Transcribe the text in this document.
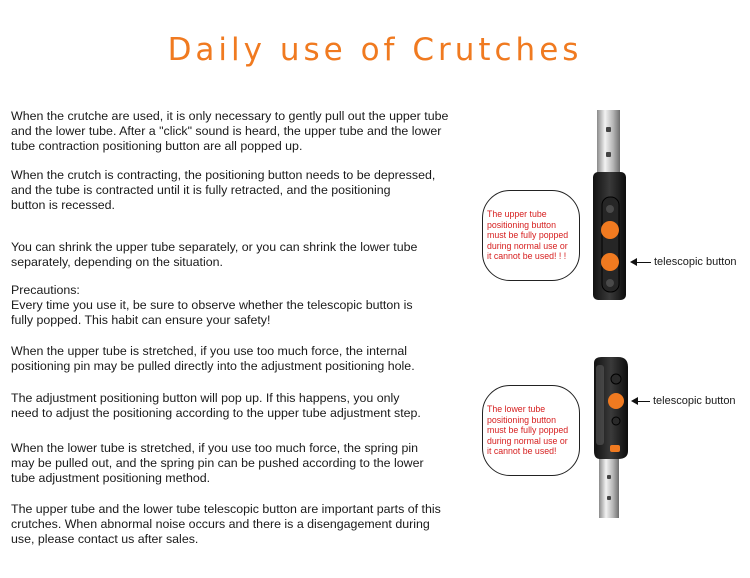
Daily use of Crutches
When the crutche are used, it is only necessary to gently pull out the upper tube
and the lower tube. After a "click" sound is heard, the upper tube and the lower
tube contraction positioning button are all popped up.
When the crutch is contracting, the positioning button needs to be depressed,
and the tube is contracted until it is fully retracted, and the positioning
button is recessed.
You can shrink the upper tube separately, or you can shrink the lower tube
separately, depending on the situation.
Precautions:
Every time you use it, be sure to observe whether the telescopic button is
fully popped. This habit can ensure your safety!
When the upper tube is stretched, if you use too much force, the internal
positioning pin may be pulled directly into the adjustment positioning hole.
The adjustment positioning button will pop up. If this happens, you only
need to adjust the positioning according to the upper tube adjustment step.
When the lower tube is stretched, if you use too much force, the spring pin
may be pulled out, and the spring pin can be pushed according to the lower
tube adjustment positioning method.
The upper tube and the lower tube telescopic button are important parts of this
crutches. When abnormal noise occurs and there is a disengagement during
use, please contact us after sales.
The upper tube
positioning button
must be fully popped
during normal use or
it cannot be used! ! !	telescopic button
The lower tube
positioning button
must be fully popped
during normal use or
it cannot be used!
telescopic button
